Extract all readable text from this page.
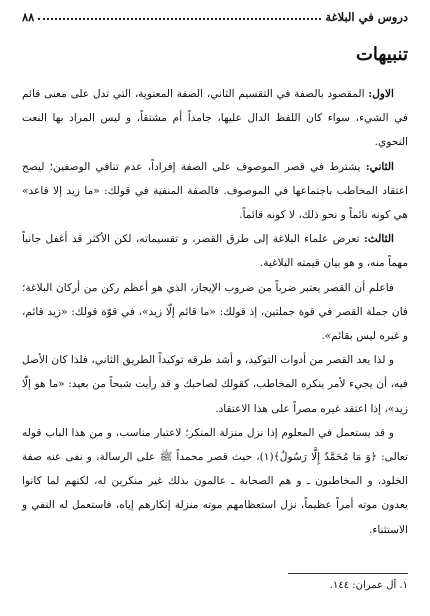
دروس في البلاغة
٨٨
تنبيهات

الاول: المقصود بالصفة في التقسيم الثاني، الصفة المعنوية، التي تدل على معنى قائم في الشيء، سواء كان اللفظ الدال عليها، جامداً أم مشتقاً، و ليس المراد بها النعت النحوي.

الثاني: يشترط في قصر الموصوف على الصفة إفراداً، عدم تنافي الوصفين؛ ليصح اعتقاد المخاطب باجتماعها في الموصوف. فالصفة المنفية في قولك: «ما زيد إلا قاعد» هي كونه نائماً و نحو ذلك، لا كونه قائماً.

الثالث: تعرض علماء البلاغة إلى طرق القصر، و تقسيماته، لكن الأكثر قد أغفل جانباً مهماً منه، و هو بيان قيمته البلاغية.

فاعلم أن القصر يعتبر ضرباً من ضروب الإيجاز، الذي هو أعظم ركن من أركان البلاغة؛ فان جملة القصر في قوة جملتين، إذ قولك: «ما قائم إلّا زيد»، في قوّة قولك: «زيد قائم، و غيره ليس بقائم».

و لذا يعد القصر من أدوات التوكيد، و أشد طرقه توكيداً الطريق الثاني، فلذا كان الأصل فيه، أن يجيء لأمر ينكره المخاطب، كقولك لصاحبك و قد رأيت شبحاً من بعيد: «ما هو إلّا زيد»، إذا اعتقد غيره مصراً على هذا الاعتقاد.

و قد يستعمل في المعلوم إذا نزل منزلة المنكر؛ لاعتبار مناسب، و من هذا الباب قوله تعالى: ﴿وَ مَا مُحَمَّدٌ إِلَّا رَسُولٌ﴾(١)، حيث قصر محمداً ﷺ على الرسالة، و نفى عنه صفة الخلود، و المخاطبون ـ و هم الصحابة ـ عالمون بذلك غير منكرين له، لكنهم لما كانوا يعدون موته أمراً عظيماً، نزل استعظامهم موته منزلة إنكارهم إياه، فاستعمل له النفي و الاستثناء.

١. آل عمران: ١٤٤.
